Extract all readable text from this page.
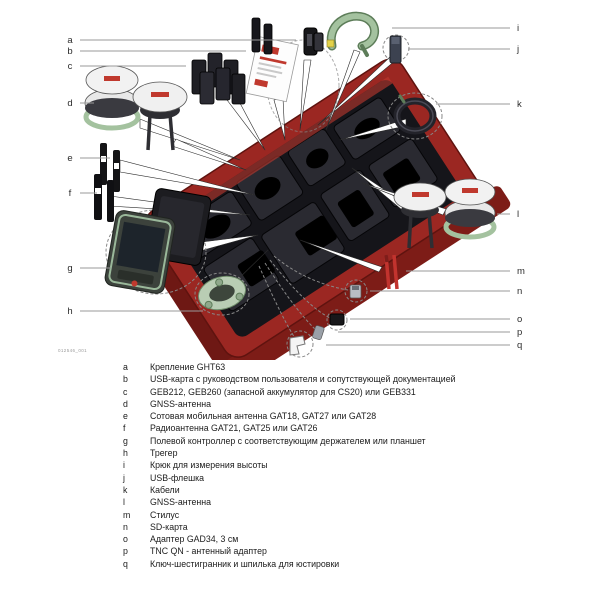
a
b
c
d
e
f
g
h
i
j
k
l
m
n
o
p
q
012546_001
a	Крепление GHT63
b	USB-карта с руководством пользователя и сопутствующей документацией
c	GEB212, GEB260 (запасной аккумулятор для CS20) или GEB331
d	GNSS-антенна
e	Сотовая мобильная антенна GAT18, GAT27 или GAT28
f	Радиоантенна GAT21, GAT25 или GAT26
g	Полевой контроллер с соответствующим держателем или планшет
h	Трегер
i	Крюк для измерения высоты
j	USB-флешка
k	Кабели
l	GNSS-антенна
m	Стилус
n	SD-карта
o	Адаптер GAD34, 3 см
p	TNC QN - антенный адаптер
q	Ключ-шестигранник и шпилька для юстировки
